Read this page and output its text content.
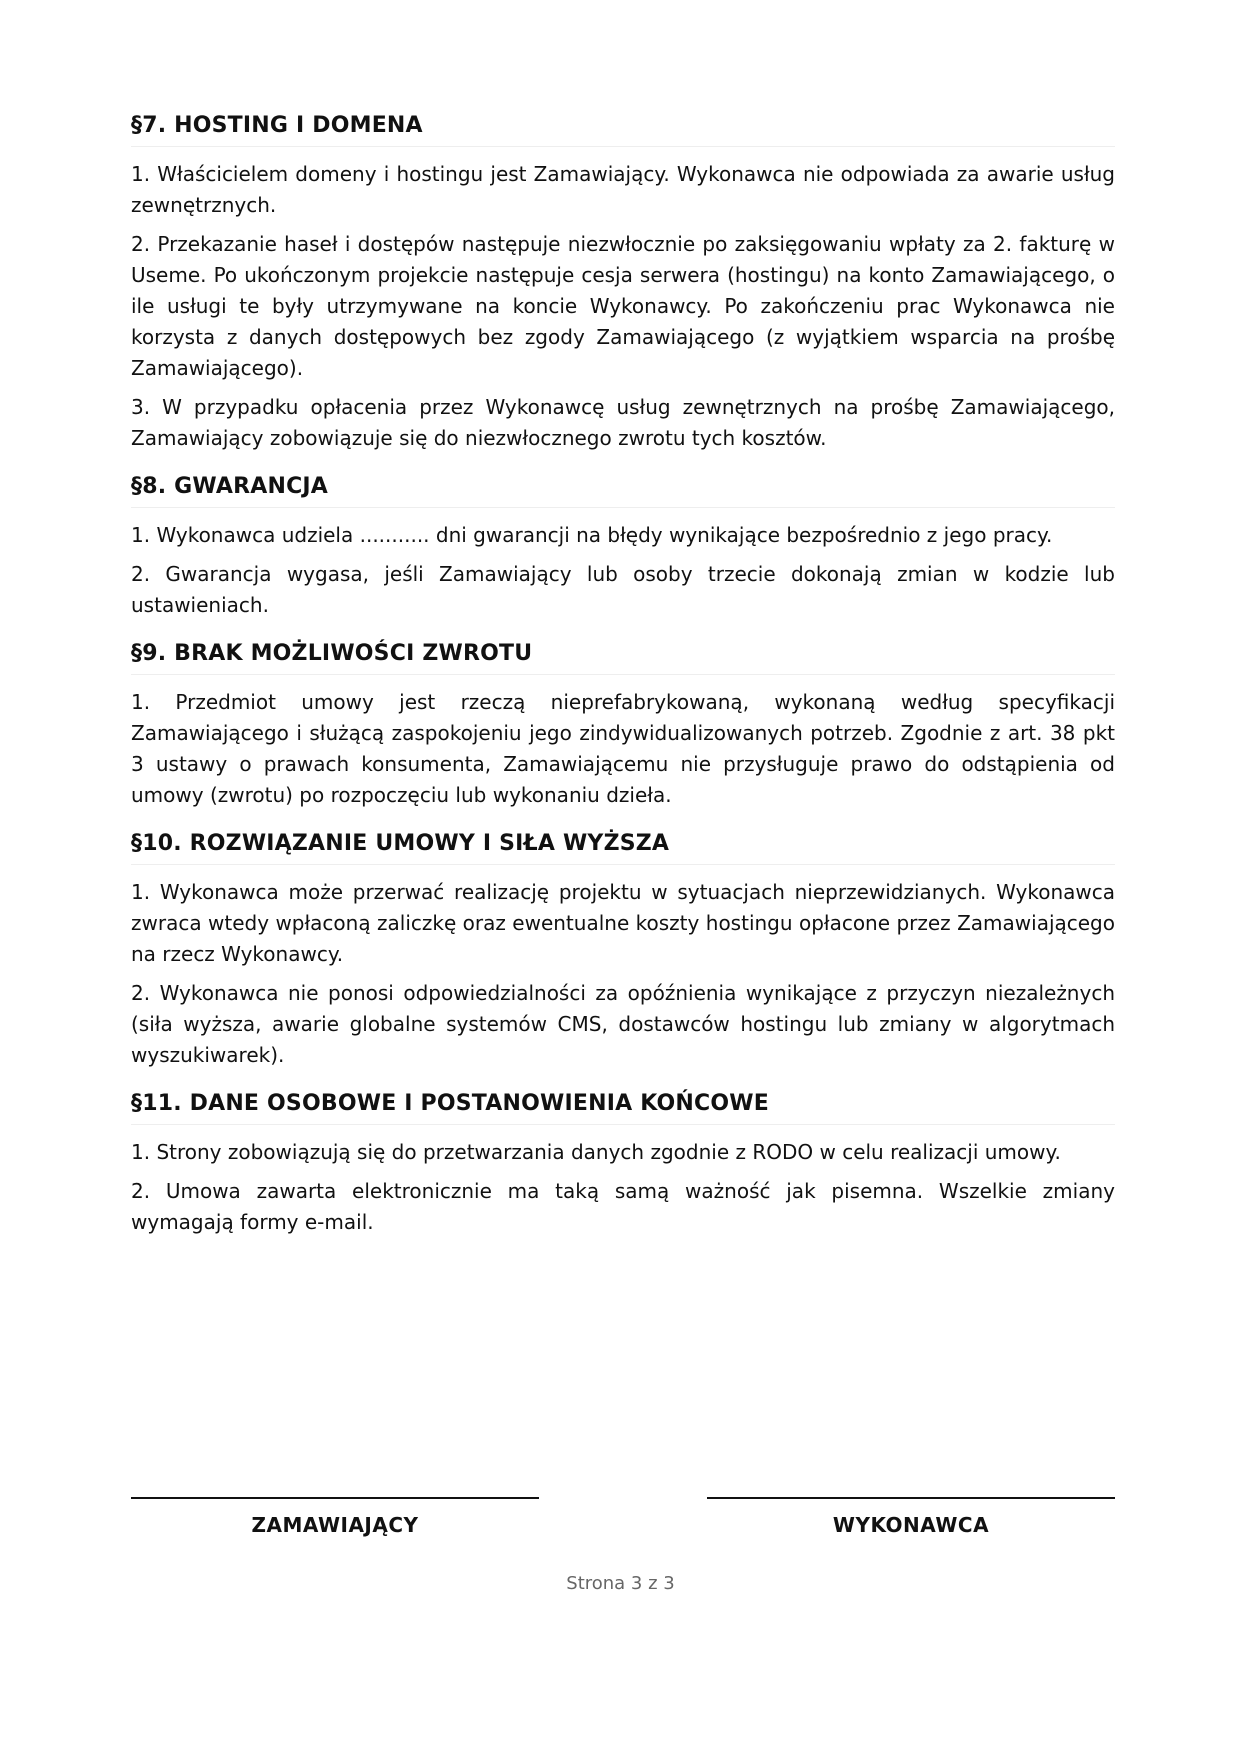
§7. HOSTING I DOMENA

1. Właścicielem domeny i hostingu jest Zamawiający. Wykonawca nie odpowiada za awarie usług zewnętrznych.

2. Przekazanie haseł i dostępów następuje niezwłocznie po zaksięgowaniu wpłaty za 2. fakturę w Useme. Po ukończonym projekcie następuje cesja serwera (hostingu) na konto Zamawiającego, o ile usługi te były utrzymywane na koncie Wykonawcy. Po zakończeniu prac Wykonawca nie korzysta z danych dostępowych bez zgody Zamawiającego (z wyjątkiem wsparcia na prośbę Zamawiającego).

3. W przypadku opłacenia przez Wykonawcę usług zewnętrznych na prośbę Zamawiającego, Zamawiający zobowiązuje się do niezwłocznego zwrotu tych kosztów.

§8. GWARANCJA

1. Wykonawca udziela ........... dni gwarancji na błędy wynikające bezpośrednio z jego pracy.

2. Gwarancja wygasa, jeśli Zamawiający lub osoby trzecie dokonają zmian w kodzie lub ustawieniach.

§9. BRAK MOŻLIWOŚCI ZWROTU

1. Przedmiot umowy jest rzeczą nieprefabrykowaną, wykonaną według specyfikacji Zamawiającego i służącą zaspokojeniu jego zindywidualizowanych potrzeb. Zgodnie z art. 38 pkt 3 ustawy o prawach konsumenta, Zamawiającemu nie przysługuje prawo do odstąpienia od umowy (zwrotu) po rozpoczęciu lub wykonaniu dzieła.

§10. ROZWIĄZANIE UMOWY I SIŁA WYŻSZA

1. Wykonawca może przerwać realizację projektu w sytuacjach nieprzewidzianych. Wykonawca zwraca wtedy wpłaconą zaliczkę oraz ewentualne koszty hostingu opłacone przez Zamawiającego na rzecz Wykonawcy.

2. Wykonawca nie ponosi odpowiedzialności za opóźnienia wynikające z przyczyn niezależnych (siła wyższa, awarie globalne systemów CMS, dostawców hostingu lub zmiany w algorytmach wyszukiwarek).

§11. DANE OSOBOWE I POSTANOWIENIA KOŃCOWE

1. Strony zobowiązują się do przetwarzania danych zgodnie z RODO w celu realizacji umowy.

2. Umowa zawarta elektronicznie ma taką samą ważność jak pisemna. Wszelkie zmiany wymagają formy e-mail.

ZAMAWIAJĄCY	WYKONAWCA
Strona 3 z 3
